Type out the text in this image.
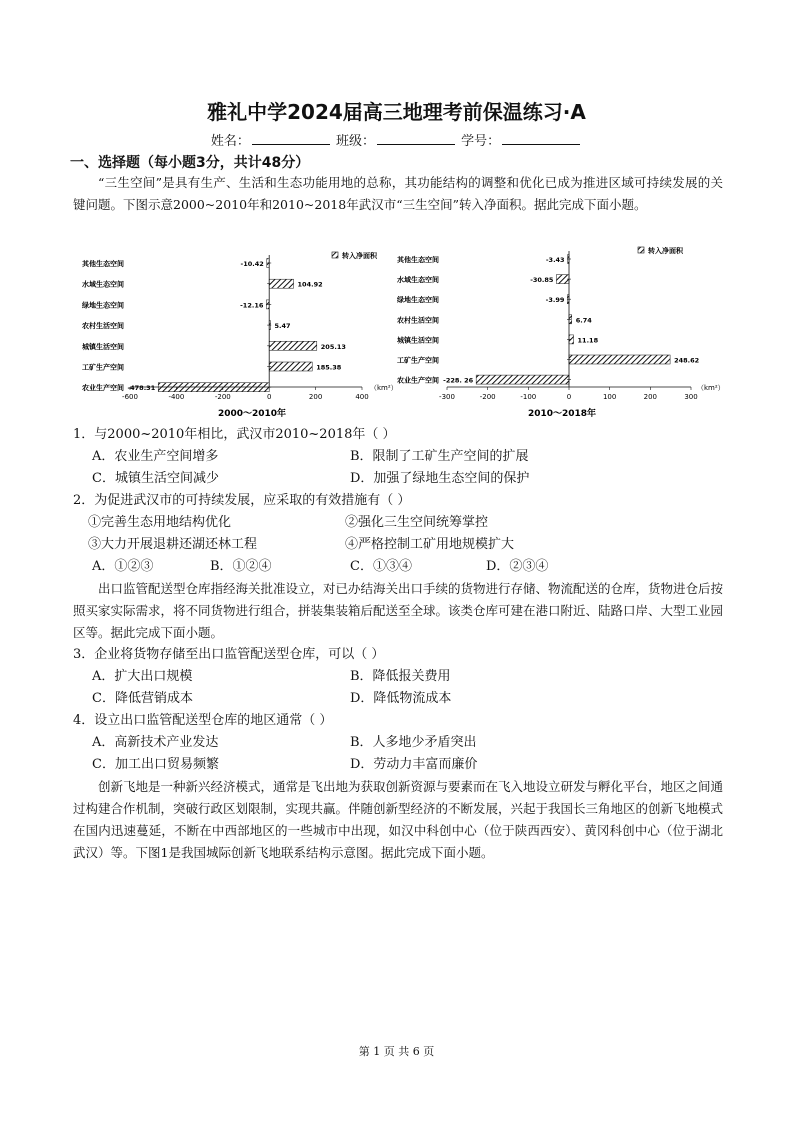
雅礼中学2024届高三地理考前保温练习·A
姓名：	班级：	学号：
一、选择题（每小题3分，共计48分）

“三生空间”是具有生产、生活和生态功能用地的总称，其功能结构的调整和优化已成为推进区域可持续发展的关键问题。下图示意2000~2010年和2010~2018年武汉市“三生空间”转入净面积。据此完成下面小题。

其他生态空间
水域生态空间
绿地生态空间
农村生活空间
城镇生活空间
工矿生产空间
农业生产空间
-10.42
104.92
-12.16
5.47
205.13
185.38
-478.31
-600	-400	-200	0	200	400
转入净面积
（km²）
2000～2010年
其他生态空间
水域生态空间
绿地生态空间
农村生活空间
城镇生活空间
工矿生产空间
农业生产空间
-3.43
-30.85
-3.99
6.74
11.18
248.62
-228. 26
-300	-200	-100	0	100	200	300
转入净面积
（km²）
2010～2018年
1．与2000~2010年相比，武汉市2010~2018年（ ）
A．农业生产空间增多	B．限制了工矿生产空间的扩展
C．城镇生活空间减少	D．加强了绿地生态空间的保护
2．为促进武汉市的可持续发展，应采取的有效措施有（ ）
①完善生态用地结构优化	②强化三生空间统筹掌控
③大力开展退耕还湖还林工程	④严格控制工矿用地规模扩大
A．①②③	B．①②④	C．①③④	D．②③④

出口监管配送型仓库指经海关批准设立，对已办结海关出口手续的货物进行存储、物流配送的仓库，货物进仓后按照买家实际需求，将不同货物进行组合，拼装集装箱后配送至全球。该类仓库可建在港口附近、陆路口岸、大型工业园区等。据此完成下面小题。

3．企业将货物存储至出口监管配送型仓库，可以（ ）
A．扩大出口规模	B．降低报关费用
C．降低营销成本	D．降低物流成本
4．设立出口监管配送型仓库的地区通常（ ）
A．高新技术产业发达	B．人多地少矛盾突出
C．加工出口贸易频繁	D．劳动力丰富而廉价

创新飞地是一种新兴经济模式，通常是飞出地为获取创新资源与要素而在飞入地设立研发与孵化平台，地区之间通过构建合作机制，突破行政区划限制，实现共赢。伴随创新型经济的不断发展，兴起于我国长三角地区的创新飞地模式在国内迅速蔓延，不断在中西部地区的一些城市中出现，如汉中科创中心（位于陕西西安）、黄冈科创中心（位于湖北武汉）等。下图1是我国城际创新飞地联系结构示意图。据此完成下面小题。

第 1 页 共 6 页
